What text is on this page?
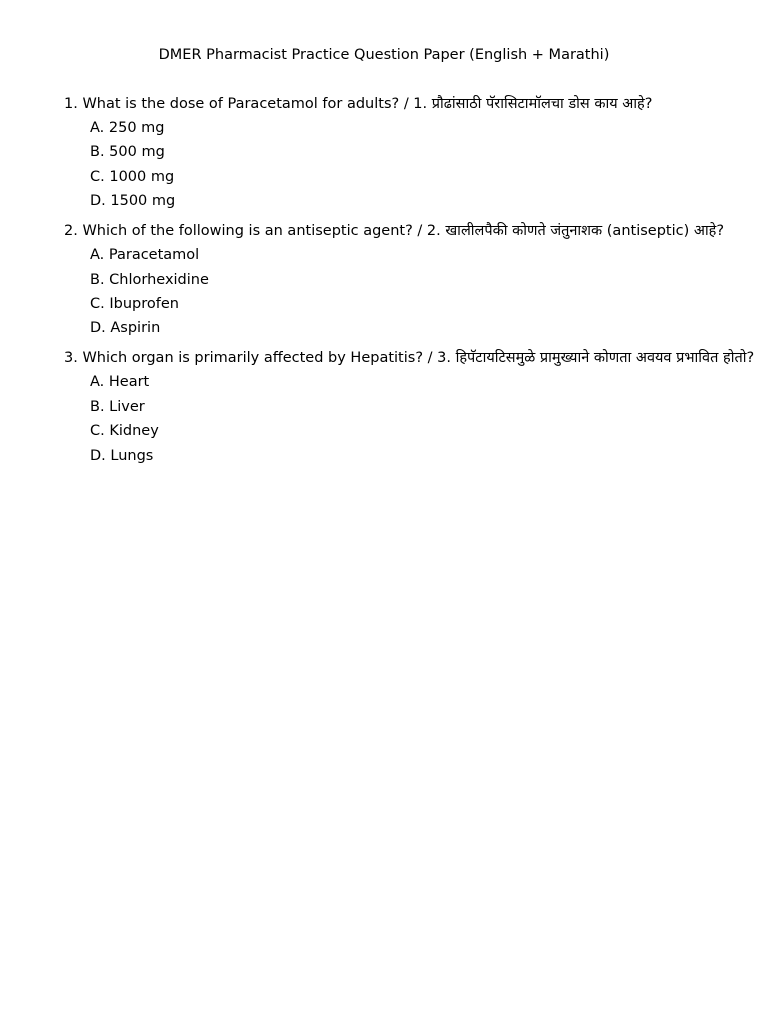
DMER Pharmacist Practice Question Paper (English + Marathi)
1. What is the dose of Paracetamol for adults? / 1. प्रौढांसाठी पॅरासिटामॉलचा डोस काय आहे?
A. 250 mg
B. 500 mg
C. 1000 mg
D. 1500 mg
2. Which of the following is an antiseptic agent? / 2. खालीलपैकी कोणते जंतुनाशक (antiseptic) आहे?
A. Paracetamol
B. Chlorhexidine
C. Ibuprofen
D. Aspirin
3. Which organ is primarily affected by Hepatitis? / 3. हिपॅटायटिसमुळे प्रामुख्याने कोणता अवयव प्रभावित होतो?
A. Heart
B. Liver
C. Kidney
D. Lungs
